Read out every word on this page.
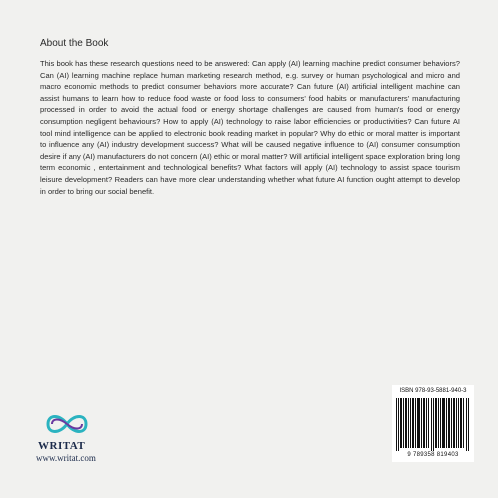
About the Book

This book has these research questions need to be answered: Can apply (AI) learning machine predict consumer behaviors? Can (AI) learning machine replace human marketing research method, e.g. survey or human psychological and micro and macro economic methods to predict consumer behaviors more accurate? Can future (AI) artificial intelligent machine can assist humans to learn how to reduce food waste or food loss to consumers' food habits or manufacturers' manufacturing processed in order to avoid the actual food or energy shortage challenges are caused from human's food or energy consumption negligent behaviours? How to apply (AI) technology to raise labor efficiencies or productivities? Can future AI tool mind intelligence can be applied to electronic book reading market in popular? Why do ethic or moral matter is important to influence any (AI) industry development success? What will be caused negative influence to (AI) consumer consumption desire if any (AI) manufacturers do not concern (AI) ethic or moral matter? Will artificial intelligent space exploration bring long term economic , entertainment and technological benefits? What factors will apply (AI) technology to assist space tourism leisure development? Readers can have more clear understanding whether what future AI function ought attempt to develop in order to bring our social benefit.

WRITAT
www.writat.com
ISBN 978-93-5881-940-3
9 789358 819403
